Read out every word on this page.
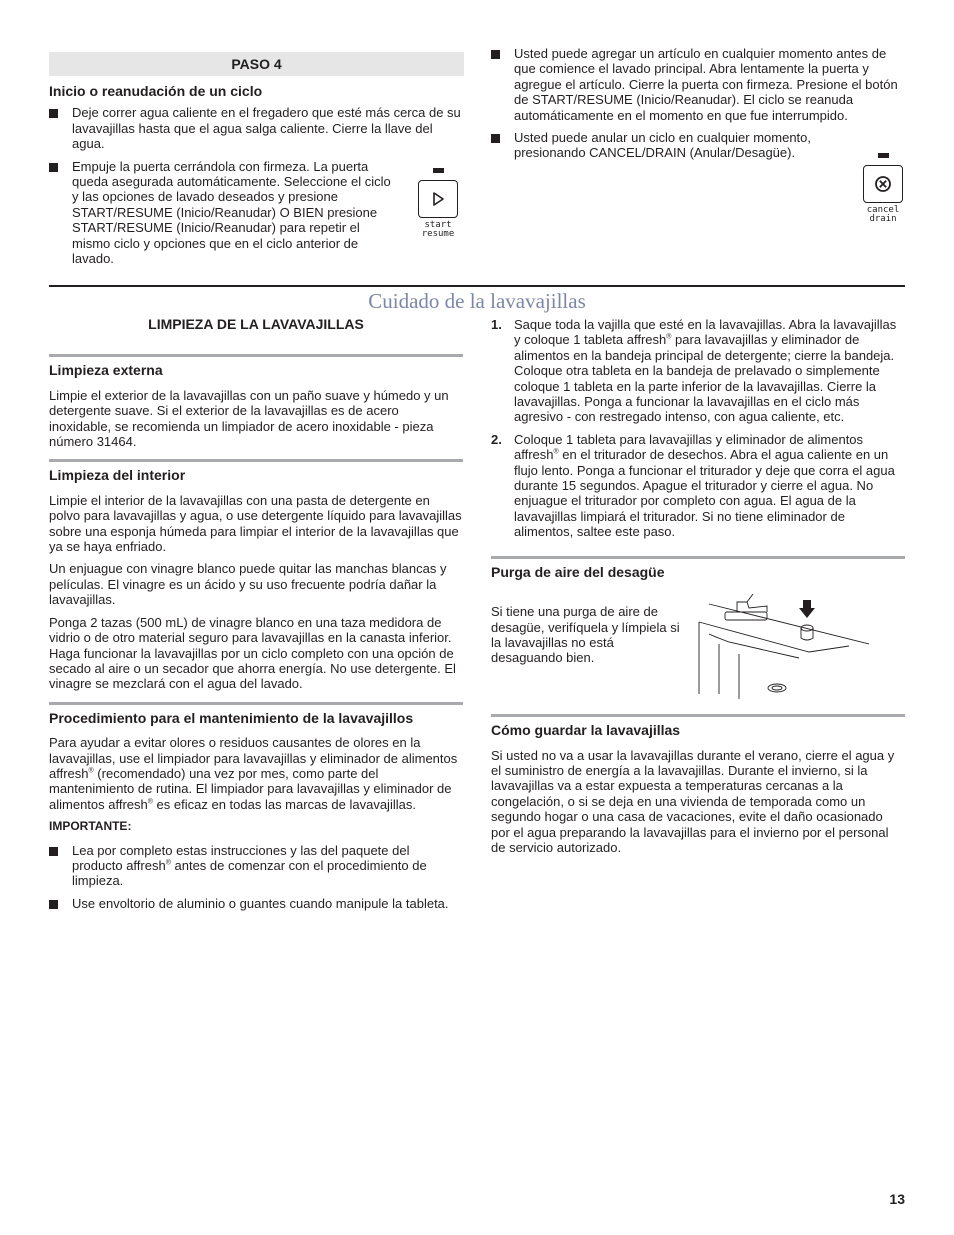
PASO 4
Inicio o reanudación de un ciclo
Deje correr agua caliente en el fregadero que esté más cerca de su lavavajillas hasta que el agua salga caliente. Cierre la llave del agua.
Empuje la puerta cerrándola con firmeza. La puerta queda asegurada automáticamente. Seleccione el ciclo y las opciones de lavado deseados y presione START/RESUME (Inicio/Reanudar) O BIEN presione START/RESUME (Inicio/Reanudar) para repetir el mismo ciclo y opciones que en el ciclo anterior de lavado.
start
resume
Usted puede agregar un artículo en cualquier momento antes de que comience el lavado principal. Abra lentamente la puerta y agregue el artículo. Cierre la puerta con firmeza. Presione el botón de START/RESUME (Inicio/Reanudar). El ciclo se reanuda automáticamente en el momento en que fue interrumpido.
Usted puede anular un ciclo en cualquier momento, presionando CANCEL/DRAIN (Anular/Desagüe).
cancel
drain
Cuidado de la lavavajillas
LIMPIEZA DE LA LAVAVAJILLAS
Limpieza externa

Limpie el exterior de la lavavajillas con un paño suave y húmedo y un detergente suave. Si el exterior de la lavavajillas es de acero inoxidable, se recomienda un limpiador de acero inoxidable - pieza número 31464.

Limpieza del interior

Limpie el interior de la lavavajillas con una pasta de detergente en polvo para lavavajillas y agua, o use detergente líquido para lavavajillas sobre una esponja húmeda para limpiar el interior de la lavavajillas que ya se haya enfriado.

Un enjuague con vinagre blanco puede quitar las manchas blancas y películas. El vinagre es un ácido y su uso frecuente podría dañar la lavavajillas.

Ponga 2 tazas (500 mL) de vinagre blanco en una taza medidora de vidrio o de otro material seguro para lavavajillas en la canasta inferior. Haga funcionar la lavavajillas por un ciclo completo con una opción de secado al aire o un secador que ahorra energía. No use detergente. El vinagre se mezclará con el agua del lavado.

Procedimiento para el mantenimiento de la lavavajillos

Para ayudar a evitar olores o residuos causantes de olores en la lavavajillas, use el limpiador para lavavajillas y eliminador de alimentos affresh® (recomendado) una vez por mes, como parte del mantenimiento de rutina. El limpiador para lavavajillas y eliminador de alimentos affresh® es eficaz en todas las marcas de lavavajillas.

IMPORTANTE:
Lea por completo estas instrucciones y las del paquete del producto affresh® antes de comenzar con el procedimiento de limpieza.
Use envoltorio de aluminio o guantes cuando manipule la tableta.
1. Saque toda la vajilla que esté en la lavavajillas. Abra la lavavajillas y coloque 1 tableta affresh® para lavavajillas y eliminador de alimentos en la bandeja principal de detergente; cierre la bandeja. Coloque otra tableta en la bandeja de prelavado o simplemente coloque 1 tableta en la parte inferior de la lavavajillas. Cierre la lavavajillas. Ponga a funcionar la lavavajillas en el ciclo más agresivo - con restregado intenso, con agua caliente, etc.
2. Coloque 1 tableta para lavavajillas y eliminador de alimentos affresh® en el triturador de desechos. Abra el agua caliente en un flujo lento. Ponga a funcionar el triturador y deje que corra el agua durante 15 segundos. Apague el triturador y cierre el agua. No enjuague el triturador por completo con agua. El agua de la lavavajillas limpiará el triturador. Si no tiene eliminador de alimentos, saltee este paso.
Purga de aire del desagüe

Si tiene una purga de aire de desagüe, verifíquela y límpiela si la lavavajillas no está desaguando bien.

Cómo guardar la lavavajillas

Si usted no va a usar la lavavajillas durante el verano, cierre el agua y el suministro de energía a la lavavajillas. Durante el invierno, si la lavavajillas va a estar expuesta a temperaturas cercanas a la congelación, o si se deja en una vivienda de temporada como un segundo hogar o una casa de vacaciones, evite el daño ocasionado por el agua preparando la lavavajillas para el invierno por el personal de servicio autorizado.

13
